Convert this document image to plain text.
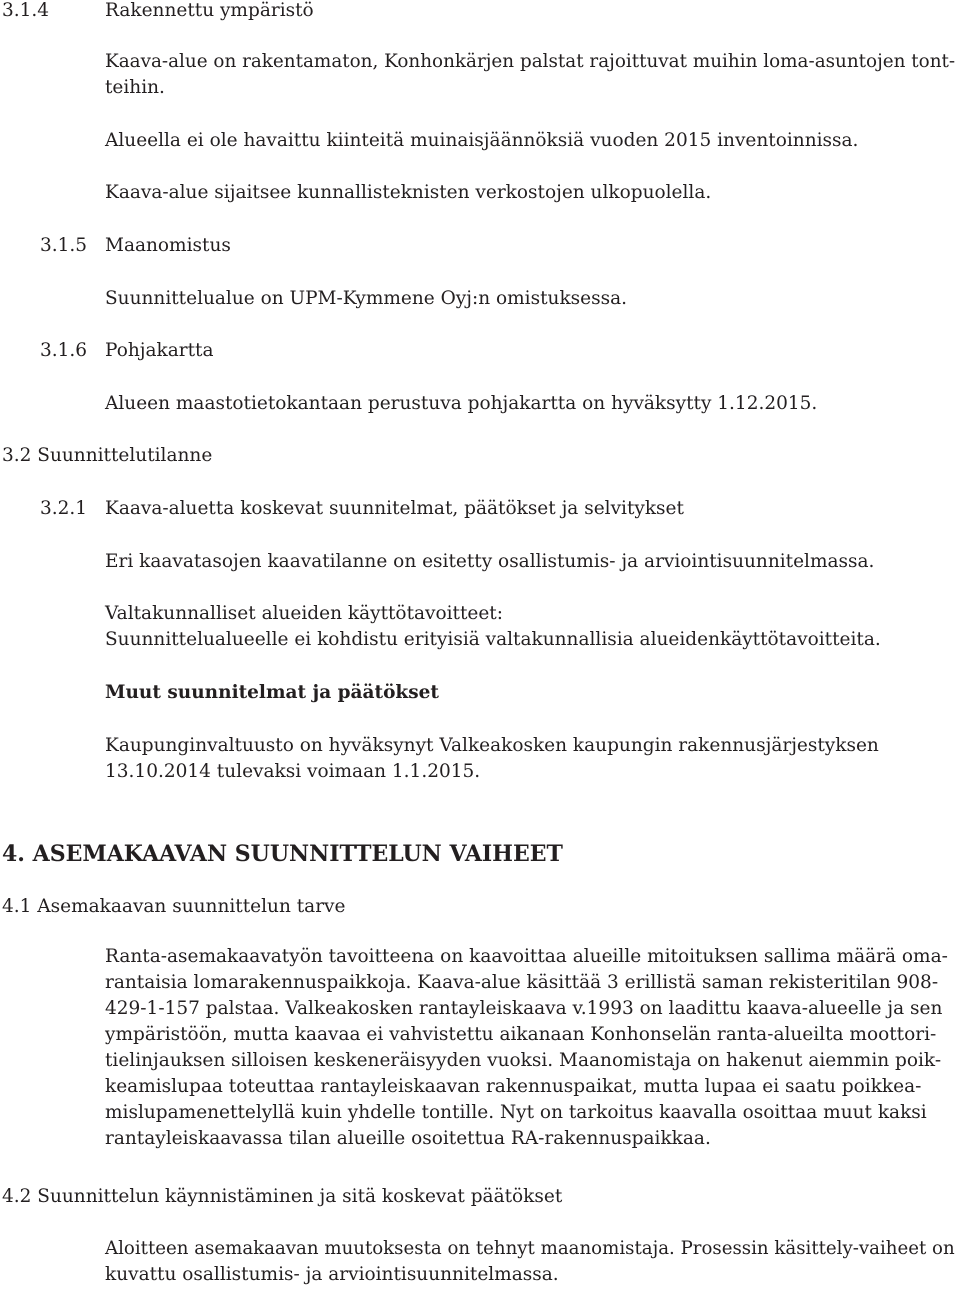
3.1.4	Rakennettu ympäristö
Kaava-alue on rakentamaton, Konhonkärjen palstat rajoittuvat muihin loma-asuntojen tont-
teihin.
Alueella ei ole havaittu kiinteitä muinaisjäännöksiä vuoden 2015 inventoinnissa.
Kaava-alue sijaitsee kunnallisteknisten verkostojen ulkopuolella.
3.1.5 Maanomistus
Suunnittelualue on UPM-Kymmene Oyj:n omistuksessa.
3.1.6 Pohjakartta
Alueen maastotietokantaan perustuva pohjakartta on hyväksytty 1.12.2015.
3.2 Suunnittelutilanne
3.2.1 Kaava-aluetta koskevat suunnitelmat, päätökset ja selvitykset
Eri kaavatasojen kaavatilanne on esitetty osallistumis- ja arviointisuunnitelmassa.
Valtakunnalliset alueiden käyttötavoitteet:
Suunnittelualueelle ei kohdistu erityisiä valtakunnallisia alueidenkäyttötavoitteita.
Muut suunnitelmat ja päätökset
Kaupunginvaltuusto on hyväksynyt Valkeakosken kaupungin rakennusjärjestyksen
13.10.2014 tulevaksi voimaan 1.1.2015.
4. ASEMAKAAVAN SUUNNITTELUN VAIHEET
4.1 Asemakaavan suunnittelun tarve
Ranta-asemakaavatyön tavoitteena on kaavoittaa alueille mitoituksen sallima määrä oma-
rantaisia lomarakennuspaikkoja. Kaava-alue käsittää 3 erillistä saman rekisteritilan 908-
429-1-157 palstaa. Valkeakosken rantayleiskaava v.1993 on laadittu kaava-alueelle ja sen
ympäristöön, mutta kaavaa ei vahvistettu aikanaan Konhonselän ranta-alueilta moottori-
tielinjauksen silloisen keskeneräisyyden vuoksi. Maanomistaja on hakenut aiemmin poik-
keamislupaa toteuttaa rantayleiskaavan rakennuspaikat, mutta lupaa ei saatu poikkea-
mislupamenettelyllä kuin yhdelle tontille. Nyt on tarkoitus kaavalla osoittaa muut kaksi
rantayleiskaavassa tilan alueille osoitettua RA-rakennuspaikkaa.
4.2 Suunnittelun käynnistäminen ja sitä koskevat päätökset
Aloitteen asemakaavan muutoksesta on tehnyt maanomistaja. Prosessin käsittely-vaiheet on
kuvattu osallistumis- ja arviointisuunnitelmassa.
